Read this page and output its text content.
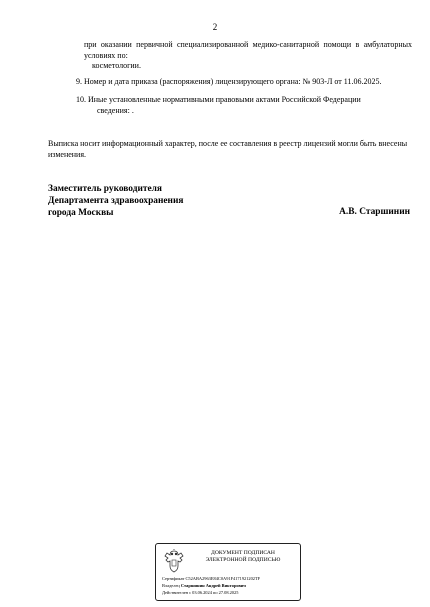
2
при оказании первичной специализированной медико-санитарной помощи в амбулаторных условиях по:
косметологии.
9. Номер и дата приказа (распоряжения) лицензирующего органа: № 903-Л от 11.06.2025.
10. Иные установленные нормативными правовыми актами Российской Федерации
сведения: .
Выписка носит информационный характер, после ее составления в реестр лицензий могли быть внесены изменения.
Заместитель руководителя
Департамента здравоохранения
города Москвы	А.В. Старшинин
ДОКУМЕНТ ПОДПИСАН
ЭЛЕКТРОННОЙ ПОДПИСЬЮ
Сертификат C52ABA2963E84C0A91F4171921202TF
Владелец Старшинин Андрей Викторович
Действителен с 03.06.2024 по 27.08.2025
